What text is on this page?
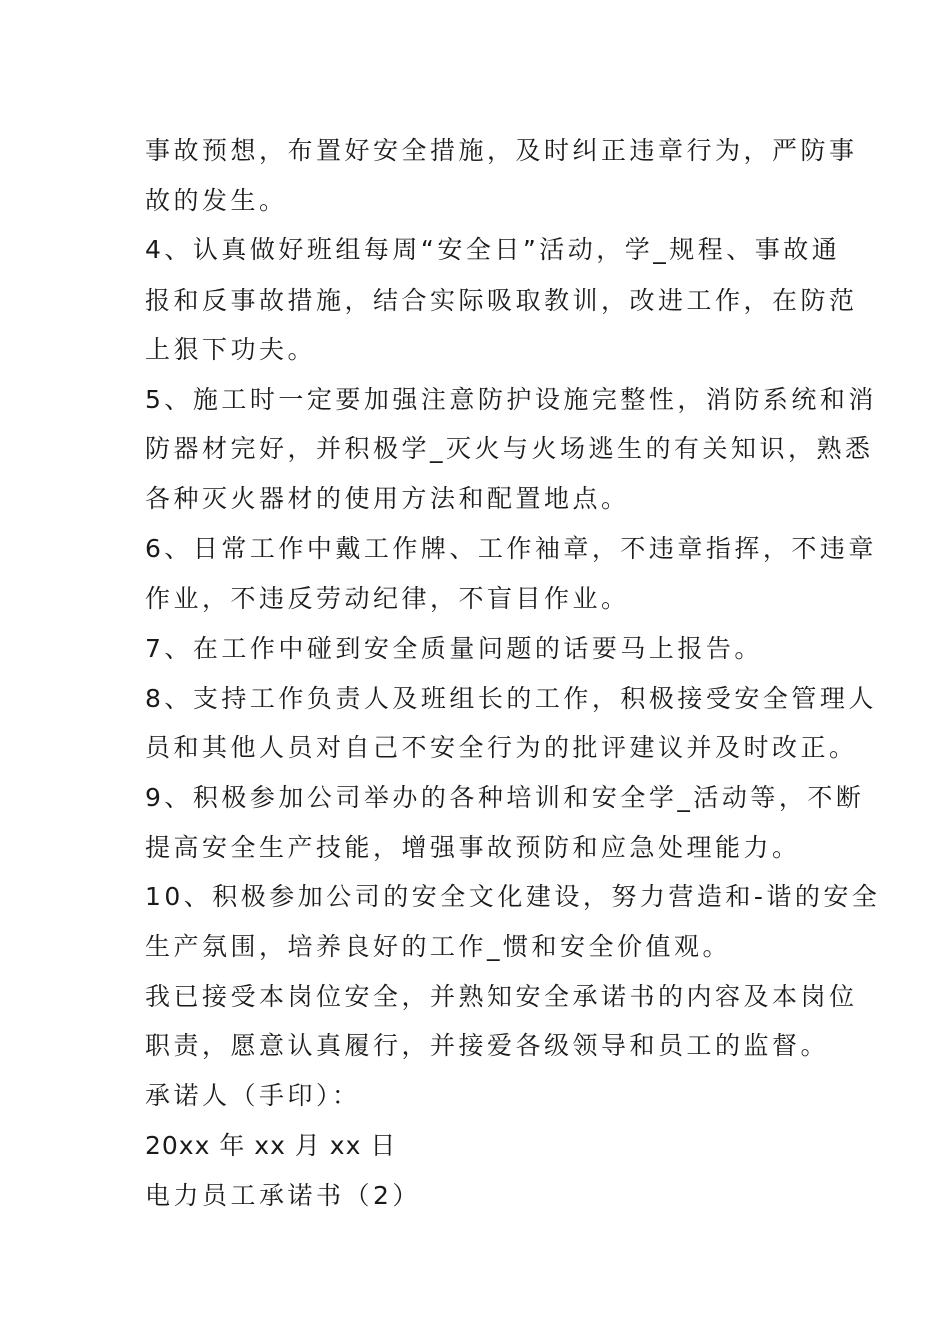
事故预想，布置好安全措施，及时纠正违章行为，严防事
故的发生。
4、认真做好班组每周“安全日”活动，学_规程、事故通
报和反事故措施，结合实际吸取教训，改进工作，在防范
上狠下功夫。
5、施工时一定要加强注意防护设施完整性，消防系统和消
防器材完好，并积极学_灭火与火场逃生的有关知识，熟悉
各种灭火器材的使用方法和配置地点。
6、日常工作中戴工作牌、工作袖章，不违章指挥，不违章
作业，不违反劳动纪律，不盲目作业。
7、在工作中碰到安全质量问题的话要马上报告。
8、支持工作负责人及班组长的工作，积极接受安全管理人
员和其他人员对自己不安全行为的批评建议并及时改正。
9、积极参加公司举办的各种培训和安全学_活动等，不断
提高安全生产技能，增强事故预防和应急处理能力。
10、积极参加公司的安全文化建设，努力营造和-谐的安全
生产氛围，培养良好的工作_惯和安全价值观。
我已接受本岗位安全，并熟知安全承诺书的内容及本岗位
职责，愿意认真履行，并接爱各级领导和员工的监督。
承诺人（手印）：
20xx 年 xx 月 xx 日
电力员工承诺书（2）
